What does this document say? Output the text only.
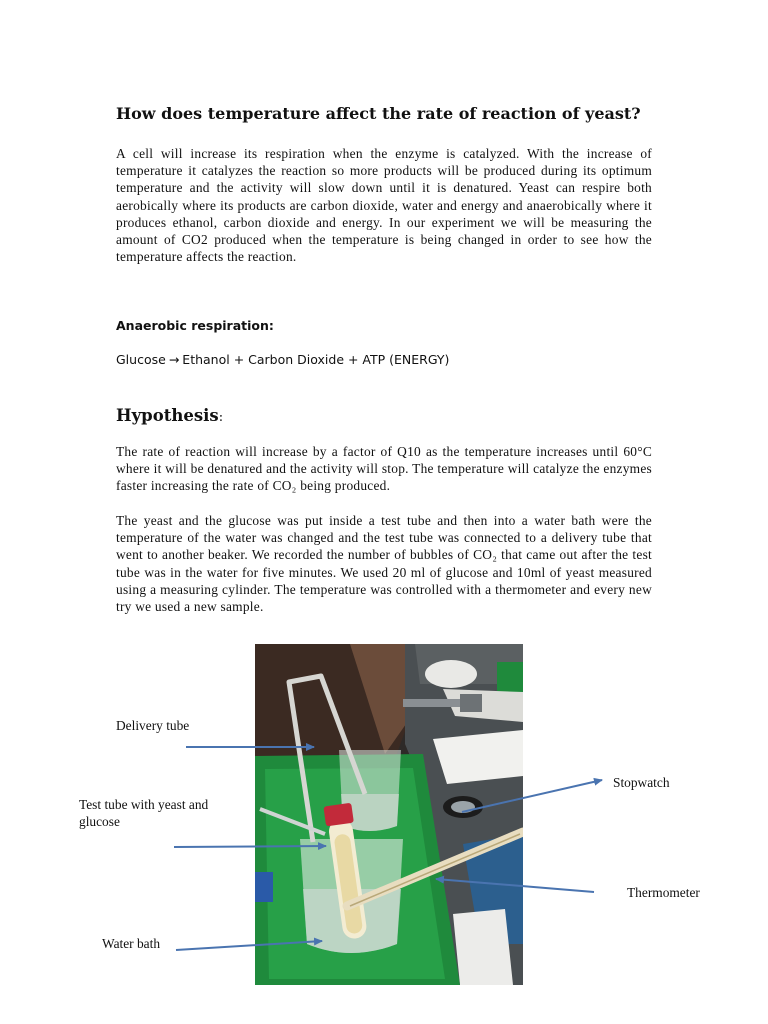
How does temperature affect the rate of reaction of yeast?
A cell will increase its respiration when the enzyme is catalyzed. With the increase of temperature it catalyzes the reaction so more products will be produced during its optimum temperature and the activity will slow down until it is denatured. Yeast can respire both aerobically where its products are carbon dioxide, water and energy and anaerobically where it produces ethanol, carbon dioxide and energy. In our experiment we will be measuring the amount of CO2 produced when the temperature is being changed in order to see how the temperature affects the reaction.
Anaerobic respiration:
Glucose → Ethanol + Carbon Dioxide + ATP (ENERGY)
Hypothesis:
The rate of reaction will increase by a factor of Q10 as the temperature increases until 60°C where it will be denatured and the activity will stop. The temperature will catalyze the enzymes faster increasing the rate of CO₂ being produced.
The yeast and the glucose was put inside a test tube and then into a water bath were the temperature of the water was changed and the test tube was connected to a delivery tube that went to another beaker. We recorded the number of bubbles of CO₂ that came out after the test tube was in the water for five minutes. We used 20 ml of glucose and 10ml of yeast measured using a measuring cylinder. The temperature was controlled with a thermometer and every new try we used a new sample.
Delivery tube
Test tube with yeast and glucose
Water bath
Stopwatch
Thermometer
